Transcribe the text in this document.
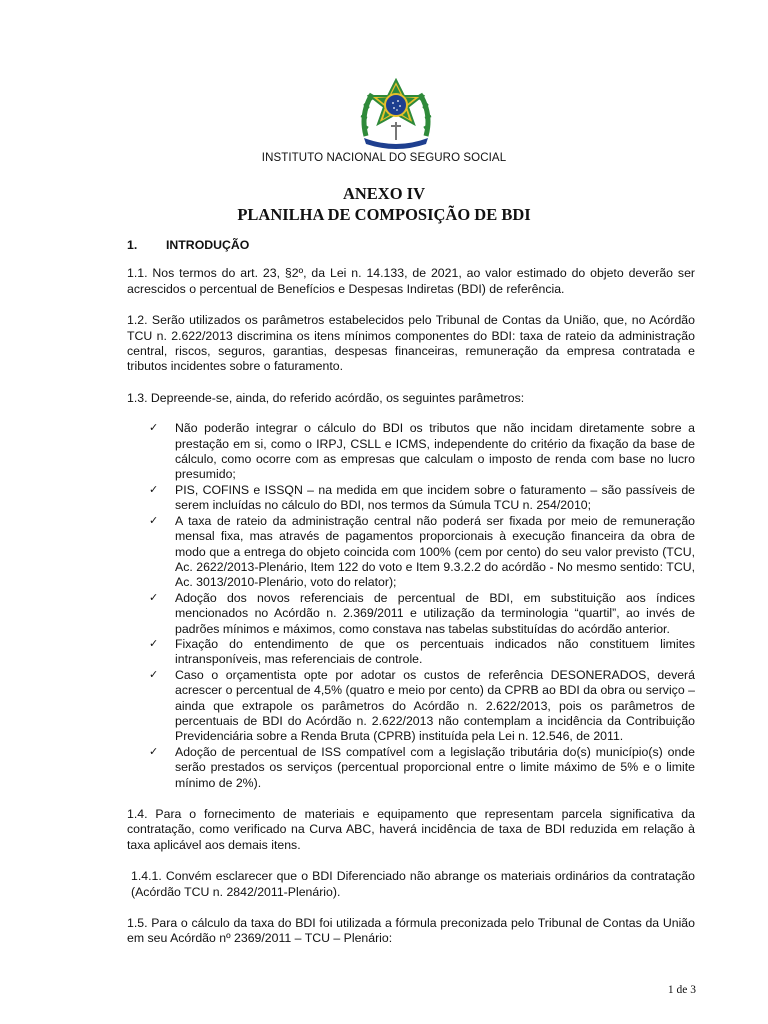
INSTITUTO NACIONAL DO SEGURO SOCIAL
ANEXO IV
PLANILHA DE COMPOSIÇÃO DE BDI
1.	INTRODUÇÃO

1.1. Nos termos do art. 23, §2º, da Lei n. 14.133, de 2021, ao valor estimado do objeto deverão ser acrescidos o percentual de Benefícios e Despesas Indiretas (BDI) de referência.

1.2. Serão utilizados os parâmetros estabelecidos pelo Tribunal de Contas da União, que, no Acórdão TCU n. 2.622/2013 discrimina os itens mínimos componentes do BDI: taxa de rateio da administração central, riscos, seguros, garantias, despesas financeiras, remuneração da empresa contratada e tributos incidentes sobre o faturamento.

1.3. Depreende-se, ainda, do referido acórdão, os seguintes parâmetros:

✓	Não poderão integrar o cálculo do BDI os tributos que não incidam diretamente sobre a prestação em si, como o IRPJ, CSLL e ICMS, independente do critério da fixação da base de cálculo, como ocorre com as empresas que calculam o imposto de renda com base no lucro presumido;
✓	PIS, COFINS e ISSQN – na medida em que incidem sobre o faturamento – são passíveis de serem incluídas no cálculo do BDI, nos termos da Súmula TCU n. 254/2010;
✓	A taxa de rateio da administração central não poderá ser fixada por meio de remuneração mensal fixa, mas através de pagamentos proporcionais à execução financeira da obra de modo que a entrega do objeto coincida com 100% (cem por cento) do seu valor previsto (TCU, Ac. 2622/2013-Plenário, Item 122 do voto e Item 9.3.2.2 do acórdão - No mesmo sentido: TCU, Ac. 3013/2010-Plenário, voto do relator);
✓	Adoção dos novos referenciais de percentual de BDI, em substituição aos índices mencionados no Acórdão n. 2.369/2011 e utilização da terminologia “quartil”, ao invés de padrões mínimos e máximos, como constava nas tabelas substituídas do acórdão anterior.
✓	Fixação do entendimento de que os percentuais indicados não constituem limites intransponíveis, mas referenciais de controle.
✓	Caso o orçamentista opte por adotar os custos de referência DESONERADOS, deverá acrescer o percentual de 4,5% (quatro e meio por cento) da CPRB ao BDI da obra ou serviço – ainda que extrapole os parâmetros do Acórdão n. 2.622/2013, pois os parâmetros de percentuais de BDI do Acórdão n. 2.622/2013 não contemplam a incidência da Contribuição Previdenciária sobre a Renda Bruta (CPRB) instituída pela Lei n. 12.546, de 2011.
✓	Adoção de percentual de ISS compatível com a legislação tributária do(s) município(s) onde serão prestados os serviços (percentual proporcional entre o limite máximo de 5% e o limite mínimo de 2%).

1.4. Para o fornecimento de materiais e equipamento que representam parcela significativa da contratação, como verificado na Curva ABC, haverá incidência de taxa de BDI reduzida em relação à taxa aplicável aos demais itens.

1.4.1. Convém esclarecer que o BDI Diferenciado não abrange os materiais ordinários da contratação (Acórdão TCU n. 2842/2011-Plenário).

1.5. Para o cálculo da taxa do BDI foi utilizada a fórmula preconizada pelo Tribunal de Contas da União em seu Acórdão nº 2369/2011 – TCU – Plenário:

1 de 3
